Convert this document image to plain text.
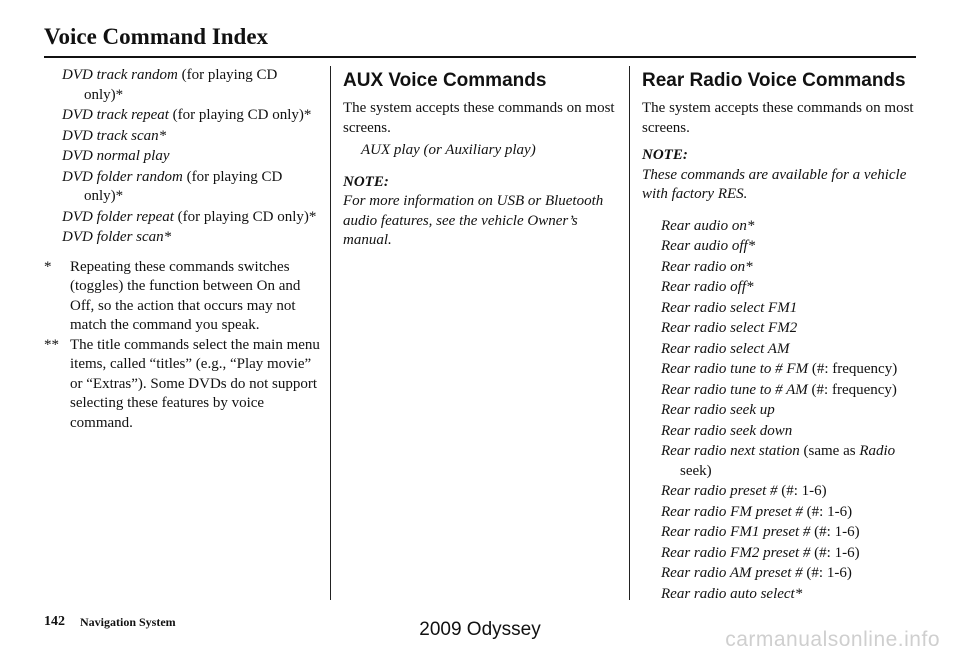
Voice Command Index
DVD track random (for playing CD only)*
DVD track repeat (for playing CD only)*
DVD track scan*
DVD normal play
DVD folder random (for playing CD only)*
DVD folder repeat (for playing CD only)*
DVD folder scan*
*	Repeating these commands switches (toggles) the function between On and Off, so the action that occurs may not match the command you speak.
** The title commands select the main menu items, called “titles” (e.g., “Play movie” or “Extras”). Some DVDs do not support selecting these features by voice command.
AUX Voice Commands
The system accepts these commands on most screens.
AUX play (or Auxiliary play)
NOTE:
For more information on USB or Bluetooth audio features, see the vehicle Owner’s manual.
Rear Radio Voice Commands
The system accepts these commands on most screens.
NOTE:
These commands are available for a vehicle with factory RES.
Rear audio on*
Rear audio off*
Rear radio on*
Rear radio off*
Rear radio select FM1
Rear radio select FM2
Rear radio select AM
Rear radio tune to # FM (#: frequency)
Rear radio tune to # AM (#: frequency)
Rear radio seek up
Rear radio seek down
Rear radio next station (same as Radio seek)
Rear radio preset # (#: 1-6)
Rear radio FM preset # (#: 1-6)
Rear radio FM1 preset # (#: 1-6)
Rear radio FM2 preset # (#: 1-6)
Rear radio AM preset # (#: 1-6)
Rear radio auto select*
142 Navigation System	2009 Odyssey	carmanualsonline.info
